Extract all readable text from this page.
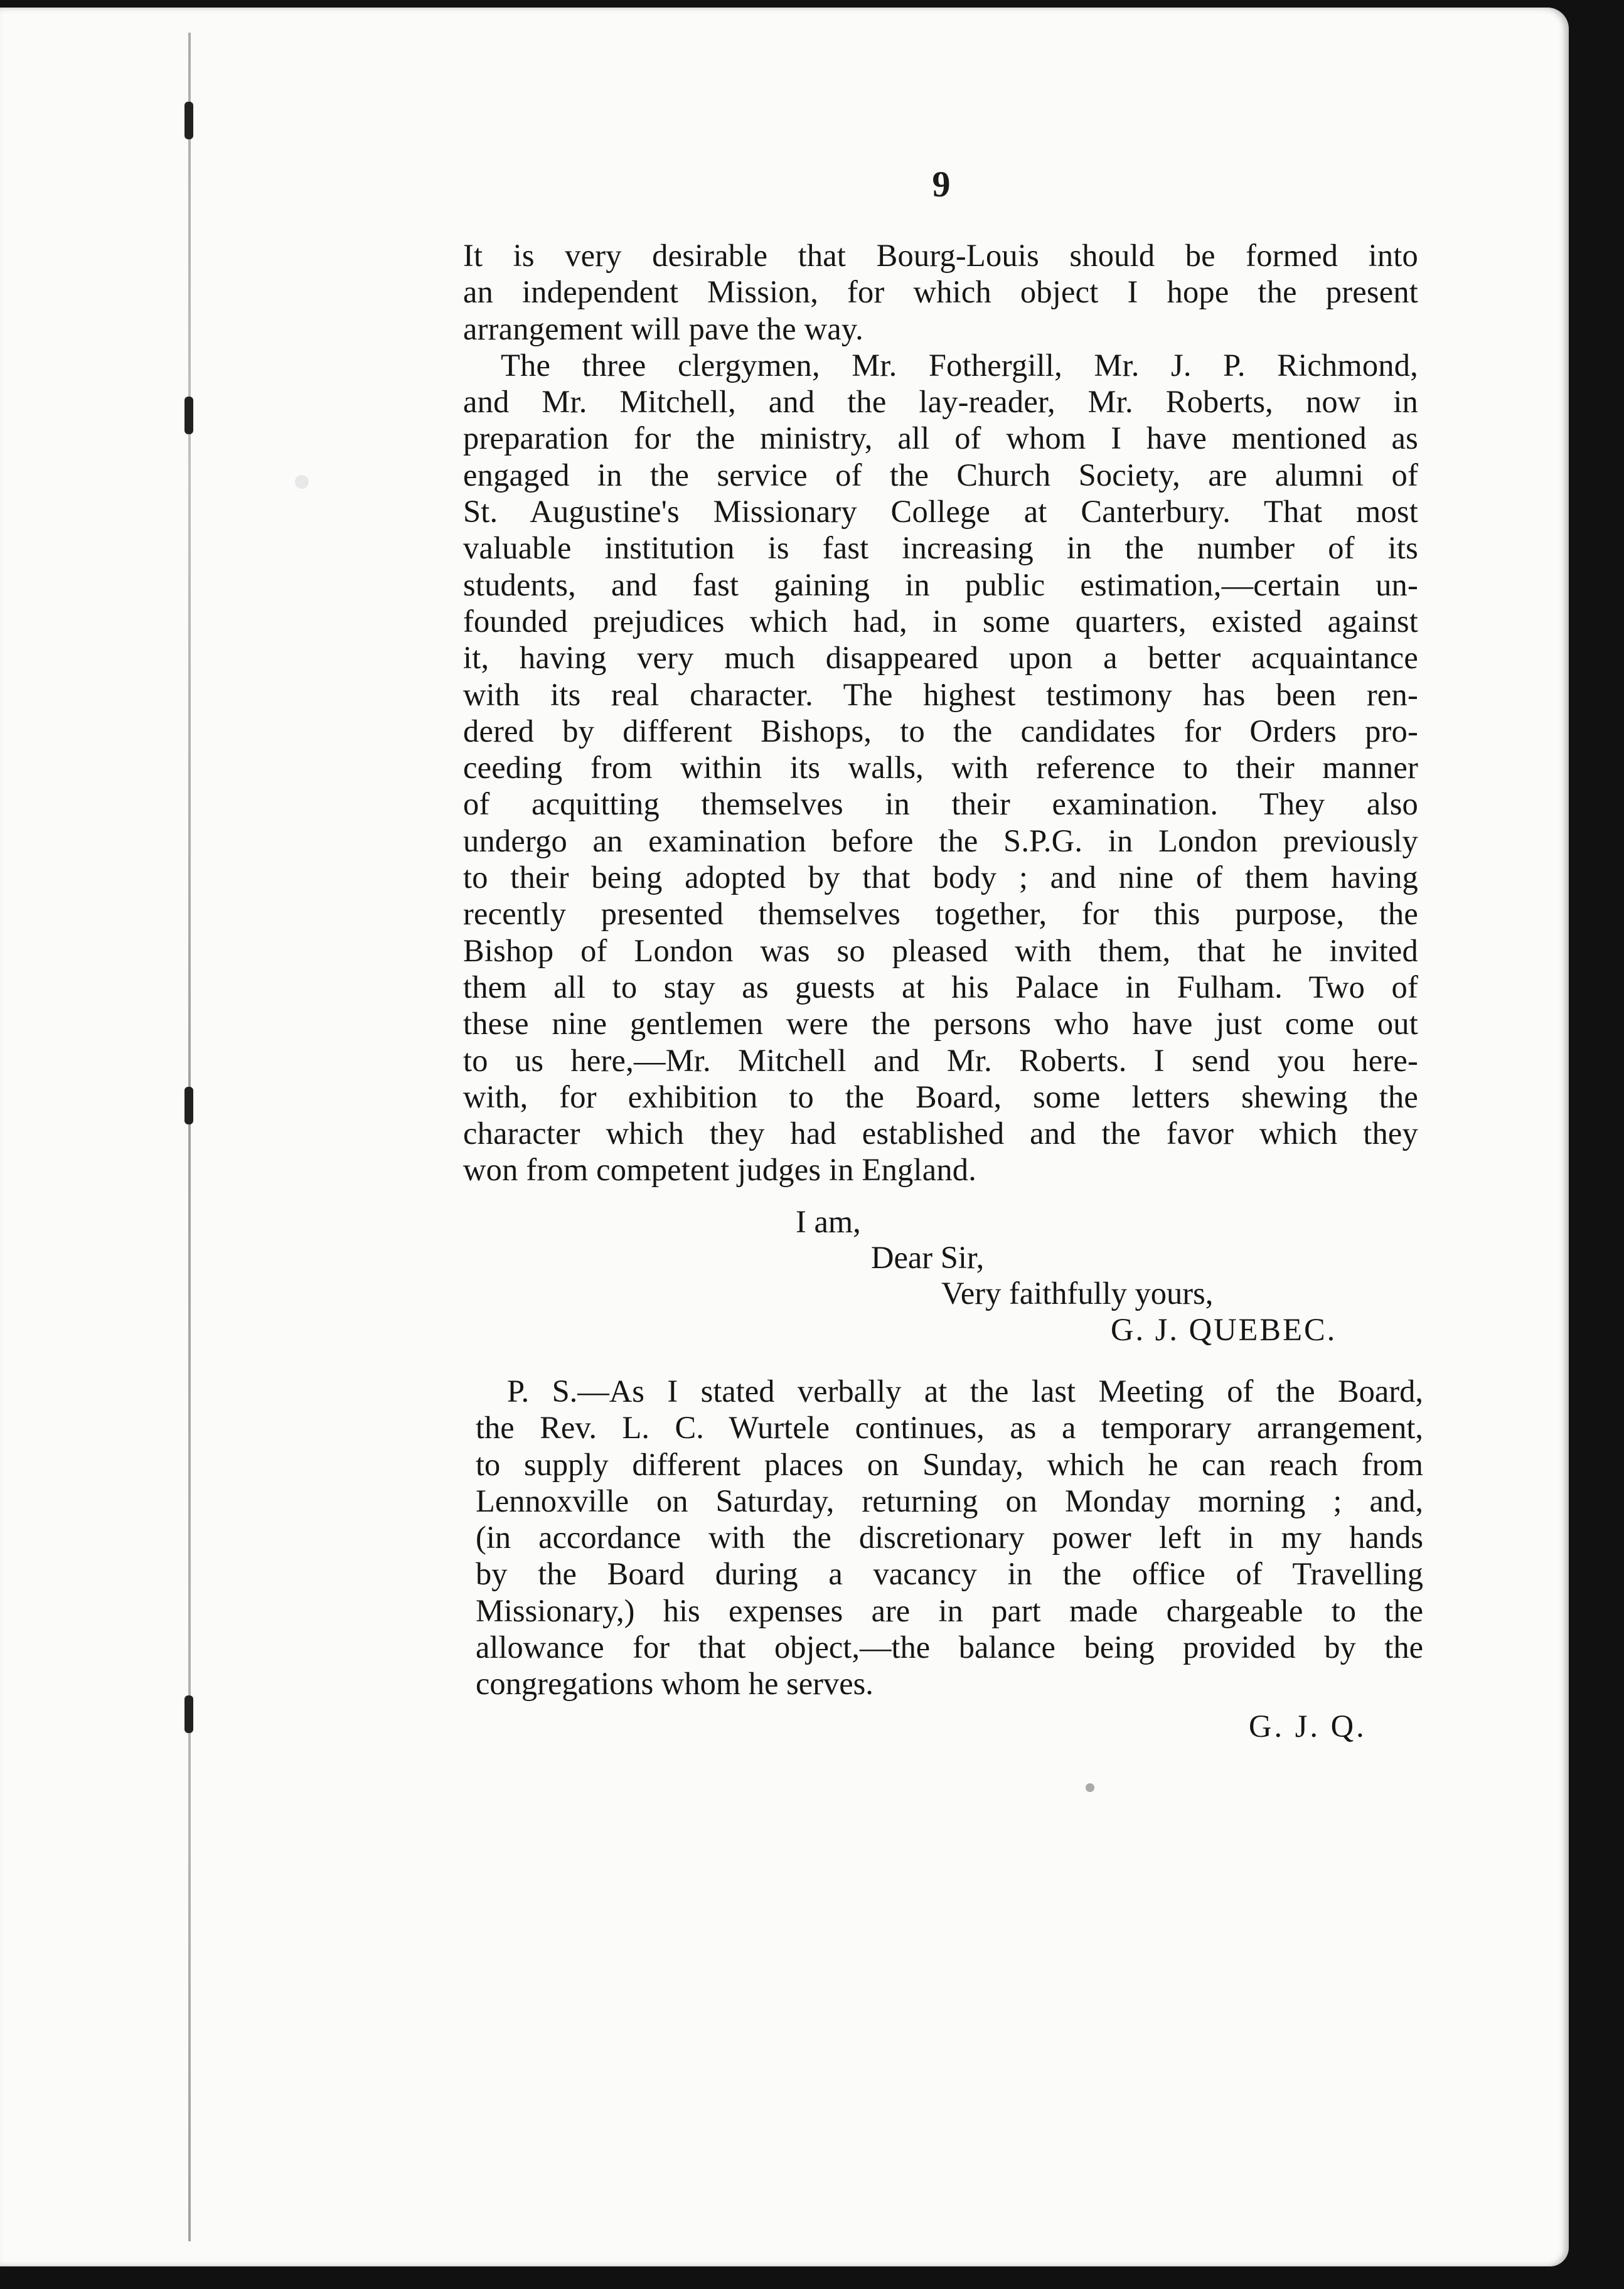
9
It is very desirable that Bourg-Louis should be formed into
an independent Mission, for which object I hope the present
arrangement will pave the way.
The three clergymen, Mr. Fothergill, Mr. J. P. Richmond,
and Mr. Mitchell, and the lay-reader, Mr. Roberts, now in
preparation for the ministry, all of whom I have mentioned as
engaged in the service of the Church Society, are alumni of
St. Augustine's Missionary College at Canterbury. That most
valuable institution is fast increasing in the number of its
students, and fast gaining in public estimation,—certain un-
founded prejudices which had, in some quarters, existed against
it, having very much disappeared upon a better acquaintance
with its real character. The highest testimony has been ren-
dered by different Bishops, to the candidates for Orders pro-
ceeding from within its walls, with reference to their manner
of acquitting themselves in their examination. They also
undergo an examination before the S.P.G. in London previously
to their being adopted by that body ; and nine of them having
recently presented themselves together, for this purpose, the
Bishop of London was so pleased with them, that he invited
them all to stay as guests at his Palace in Fulham. Two of
these nine gentlemen were the persons who have just come out
to us here,—Mr. Mitchell and Mr. Roberts. I send you here-
with, for exhibition to the Board, some letters shewing the
character which they had established and the favor which they
won from competent judges in England.
I am,
Dear Sir,
Very faithfully yours,
G. J. QUEBEC.
P. S.—As I stated verbally at the last Meeting of the Board,
the Rev. L. C. Wurtele continues, as a temporary arrangement,
to supply different places on Sunday, which he can reach from
Lennoxville on Saturday, returning on Monday morning ; and,
(in accordance with the discretionary power left in my hands
by the Board during a vacancy in the office of Travelling
Missionary,) his expenses are in part made chargeable to the
allowance for that object,—the balance being provided by the
congregations whom he serves.
G. J. Q.
